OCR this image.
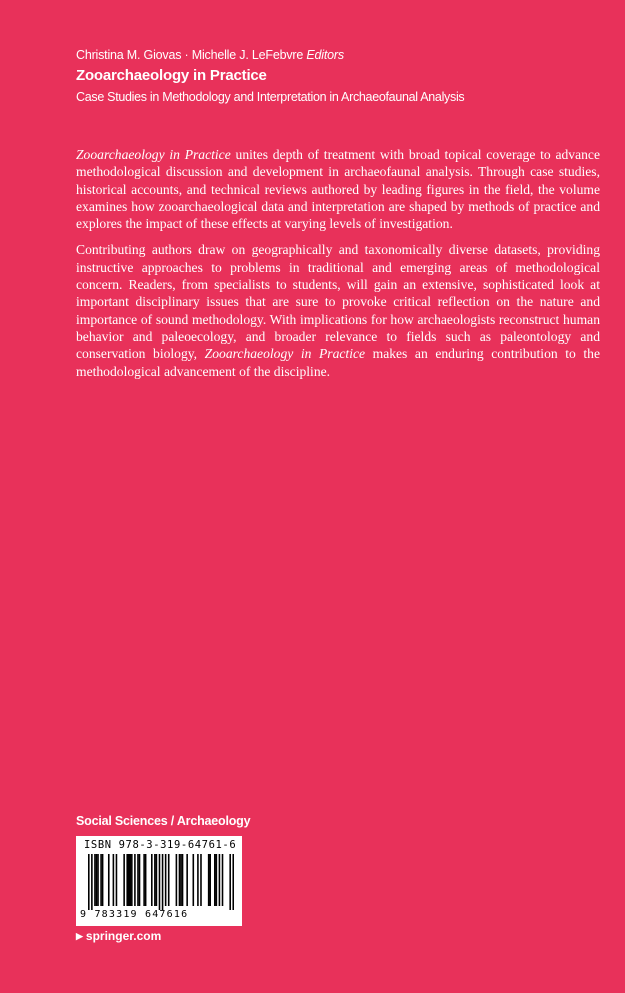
Christina M. Giovas · Michelle J. LeFebvre Editors
Zooarchaeology in Practice
Case Studies in Methodology and Interpretation in Archaeofaunal Analysis

Zooarchaeology in Practice unites depth of treatment with broad topical coverage to advance methodological discussion and development in archaeofaunal analysis. Through case studies, historical accounts, and technical reviews authored by leading figures in the field, the volume examines how zooarchaeological data and interpretation are shaped by methods of practice and explores the impact of these effects at varying levels of investigation.

Contributing authors draw on geographically and taxonomically diverse datasets, providing instructive approaches to problems in traditional and emerging areas of methodological concern. Readers, from specialists to students, will gain an extensive, sophisticated look at important disciplinary issues that are sure to provoke critical reflection on the nature and importance of sound methodology. With implications for how archaeologists reconstruct human behavior and paleoecology, and broader relevance to fields such as paleontology and conservation biology, Zooarchaeology in Practice makes an enduring contribution to the methodological advancement of the discipline.

Social Sciences / Archaeology
ISBN 978-3-319-64761-6
9 783319 647616
▶ springer.com
